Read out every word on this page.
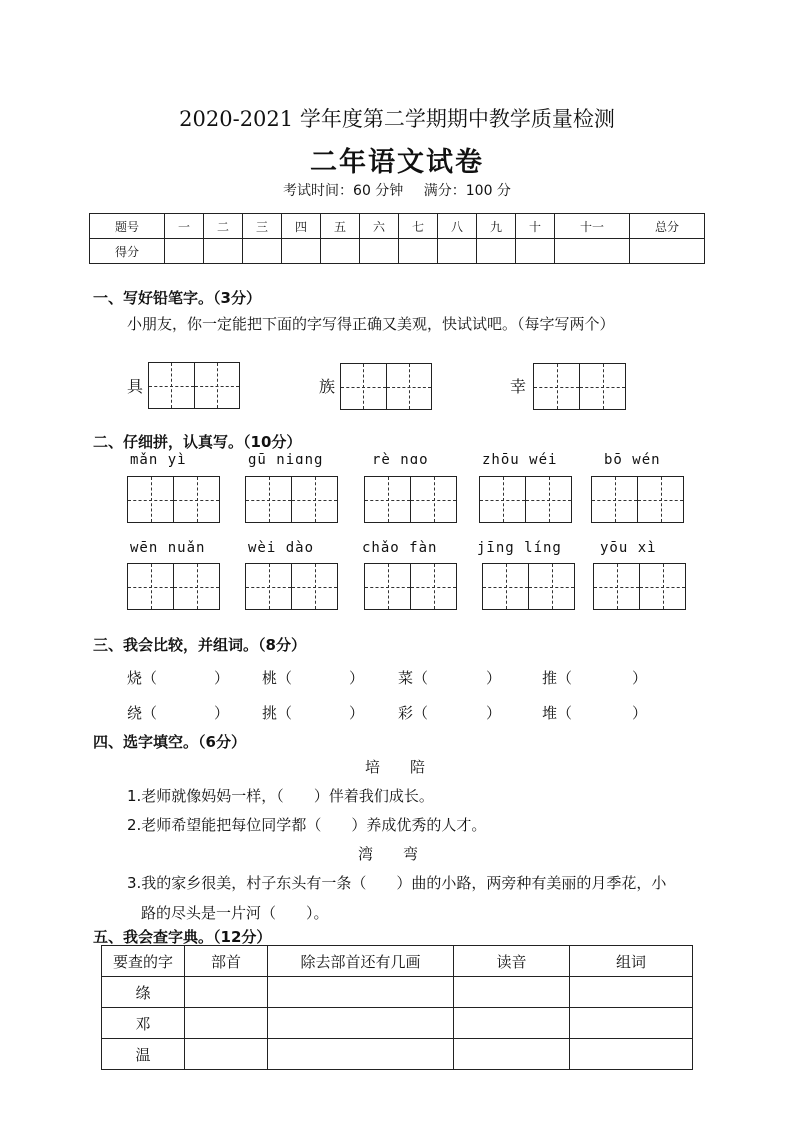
2020-2021 学年度第二学期期中教学质量检测
二年语文试卷
考试时间：60 分钟 满分：100 分
题号	一	二	三	四	五	六	七	八	九	十	十一	总分
得分												
一、写好铅笔字。（3分）
小朋友，你一定能把下面的字写得正确又美观，快试试吧。（每字写两个）
具	族	幸
二、仔细拼，认真写。（10分）
mǎn yì	gū niɑng	rè nɑo	zhōu wéi	bō wén
wēn nuǎn	wèi dào	chǎo fàn	jīng líng	yōu xì
三、我会比较，并组词。（8分）
烧（	） 桃（	） 菜（	）	推（	）
绕（	） 挑（	） 彩（	）	堆（	）
四、选字填空。（6分）
培　　陪
1.老师就像妈妈一样，（　　）伴着我们成长。
2.老师希望能把每位同学都（　　）养成优秀的人才。
湾　　弯
3.我的家乡很美，村子东头有一条（　　）曲的小路，两旁种有美丽的月季花，小
路的尽头是一片河（　　）。
五、我会查字典。（12分）
要查的字	部首	除去部首还有几画	读音	组词
绦				
邓				
温				
